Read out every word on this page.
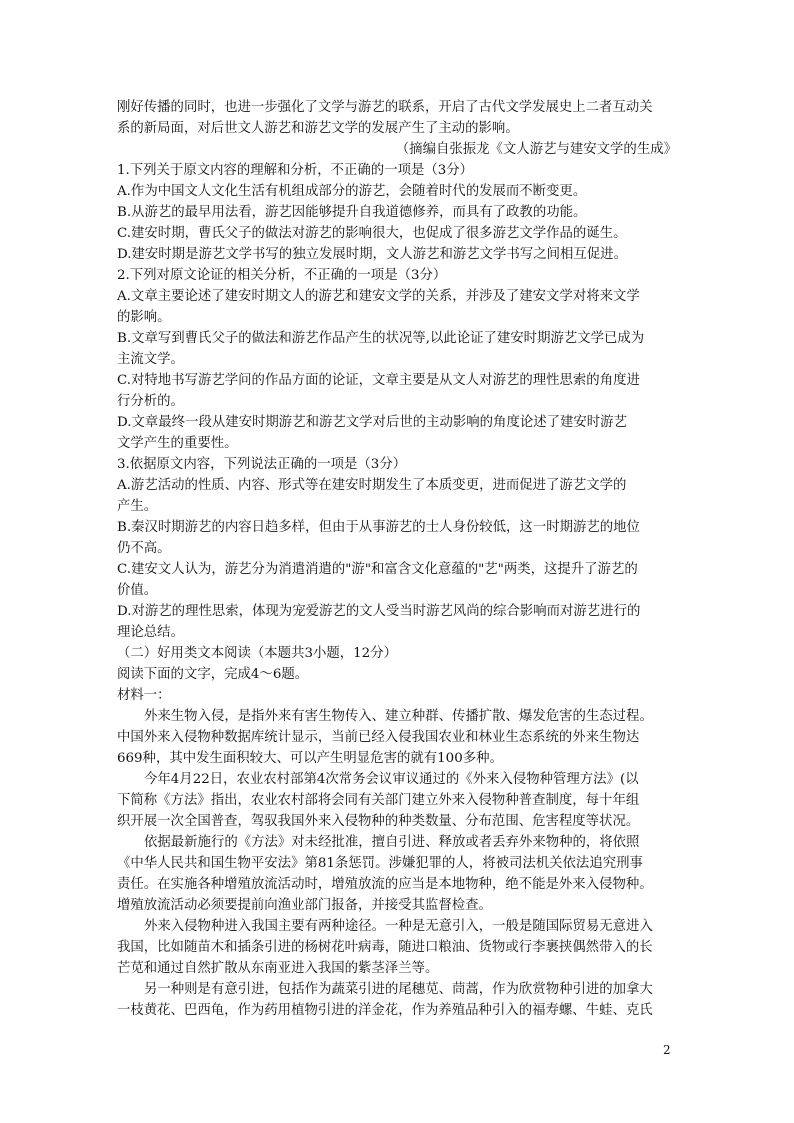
刚好传播的同时，也进一步强化了文学与游艺的联系，开启了古代文学发展史上二者互动关
系的新局面，对后世文人游艺和游艺文学的发展产生了主动的影响。
（摘编自张振龙《文人游艺与建安文学的生成》
1.下列关于原文内容的理解和分析，不正确的一项是（3分）
A.作为中国文人文化生活有机组成部分的游艺，会随着时代的发展而不断变更。
B.从游艺的最早用法看，游艺因能够提升自我道德修养，而具有了政教的功能。
C.建安时期，曹氏父子的做法对游艺的影响很大，也促成了很多游艺文学作品的诞生。
D.建安时期是游艺文学书写的独立发展时期，文人游艺和游艺文学书写之间相互促进。
2.下列对原文论证的相关分析，不正确的一项是（3分）
A.文章主要论述了建安时期文人的游艺和建安文学的关系，并涉及了建安文学对将来文学
的影响。
B.文章写到曹氏父子的做法和游艺作品产生的状况等,以此论证了建安时期游艺文学已成为
主流文学。
C.对特地书写游艺学问的作品方面的论证，文章主要是从文人对游艺的理性思索的角度进
行分析的。
D.文章最终一段从建安时期游艺和游艺文学对后世的主动影响的角度论述了建安时游艺
文学产生的重要性。
3.依据原文内容，下列说法正确的一项是（3分）
A.游艺活动的性质、内容、形式等在建安时期发生了本质变更，进而促进了游艺文学的
产生。
B.秦汉时期游艺的内容日趋多样，但由于从事游艺的士人身份较低，这一时期游艺的地位
仍不高。
C.建安文人认为，游艺分为消遣消遣的"游"和富含文化意蕴的"艺"两类，这提升了游艺的
价值。
D.对游艺的理性思索，体现为宠爱游艺的文人受当时游艺风尚的综合影响而对游艺进行的
理论总结。
（二）好用类文本阅读（本题共3小题，12分）
阅读下面的文字，完成4～6题。
材料一：
外来生物入侵，是指外来有害生物传入、建立种群、传播扩散、爆发危害的生态过程。
中国外来入侵物种数据库统计显示，当前已经入侵我国农业和林业生态系统的外来生物达
669种，其中发生面积较大、可以产生明显危害的就有100多种。
今年4月22日，农业农村部第4次常务会议审议通过的《外来入侵物种管理方法》(以
下简称《方法》指出，农业农村部将会同有关部门建立外来入侵物种普查制度，每十年组
织开展一次全国普查，驾驭我国外来入侵物种的种类数量、分布范围、危害程度等状况。
依据最新施行的《方法》对未经批准，擅自引进、释放或者丢弃外来物种的，将依照
《中华人民共和国生物平安法》第81条惩罚。涉嫌犯罪的人，将被司法机关依法追究刑事
责任。在实施各种增殖放流活动时，增殖放流的应当是本地物种，绝不能是外来入侵物种。
增殖放流活动必须要提前向渔业部门报备，并接受其监督检查。
外来入侵物种进入我国主要有两种途径。一种是无意引入，一般是随国际贸易无意进入
我国，比如随苗木和插条引进的杨树花叶病毒，随进口粮油、货物或行李裹挟偶然带入的长
芒苋和通过自然扩散从东南亚进入我国的紫茎泽兰等。
另一种则是有意引进，包括作为蔬菜引进的尾穗苋、茼蒿，作为欣赏物种引进的加拿大
一枝黄花、巴西龟，作为药用植物引进的洋金花，作为养殖品种引入的福寿螺、牛蛙、克氏
2
